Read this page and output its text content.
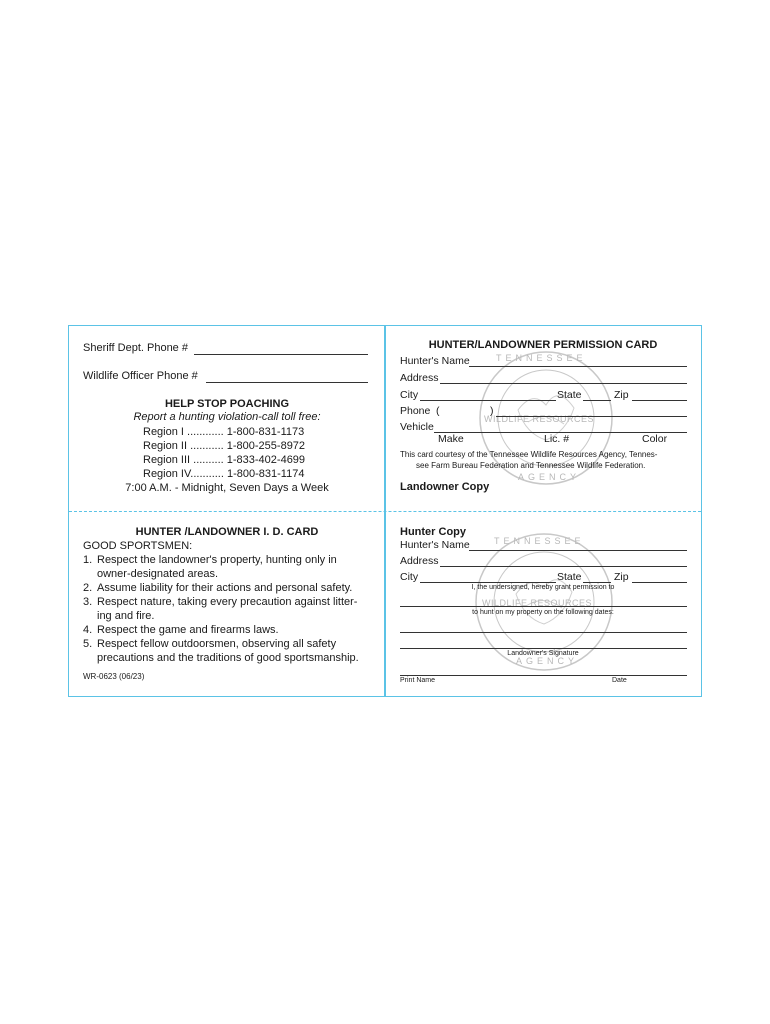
Sheriff Dept. Phone #
Wildlife Officer Phone #
HELP STOP POACHING
Report a hunting violation-call toll free:
Region I ............ 1-800-831-1173
Region II ........... 1-800-255-8972
Region III .......... 1-833-402-4699
Region IV........... 1-800-831-1174
7:00 A.M. - Midnight, Seven Days a Week
TENNESSEE
WILDLIFE RESOURCES
AGENCY
HUNTER/LANDOWNER PERMISSION CARD
Hunter's Name
Address
City	State	Zip
Phone (	)
Vehicle
Make	Lic. #	Color
This card courtesy of the Tennessee Wildlife Resources Agency, Tennes-
see Farm Bureau Federation and Tennessee Wildlife Federation.
Landowner Copy
HUNTER /LANDOWNER I. D. CARD
GOOD SPORTSMEN:
1. Respect the landowner's property, hunting only in
owner-designated areas.
2. Assume liability for their actions and personal safety.
3. Respect nature, taking every precaution against litter-
ing and fire.
4. Respect the game and firearms laws.
5. Respect fellow outdoorsmen, observing all safety
precautions and the traditions of good sportsmanship.
WR-0623 (06/23)
TENNESSEE
WILDLIFE RESOURCES
AGENCY
Hunter Copy
Hunter's Name
Address
City	State	Zip
I, the undersigned, hereby grant permission to
to hunt on my property on the following dates:
Landowner's Signature
Print Name	Date
